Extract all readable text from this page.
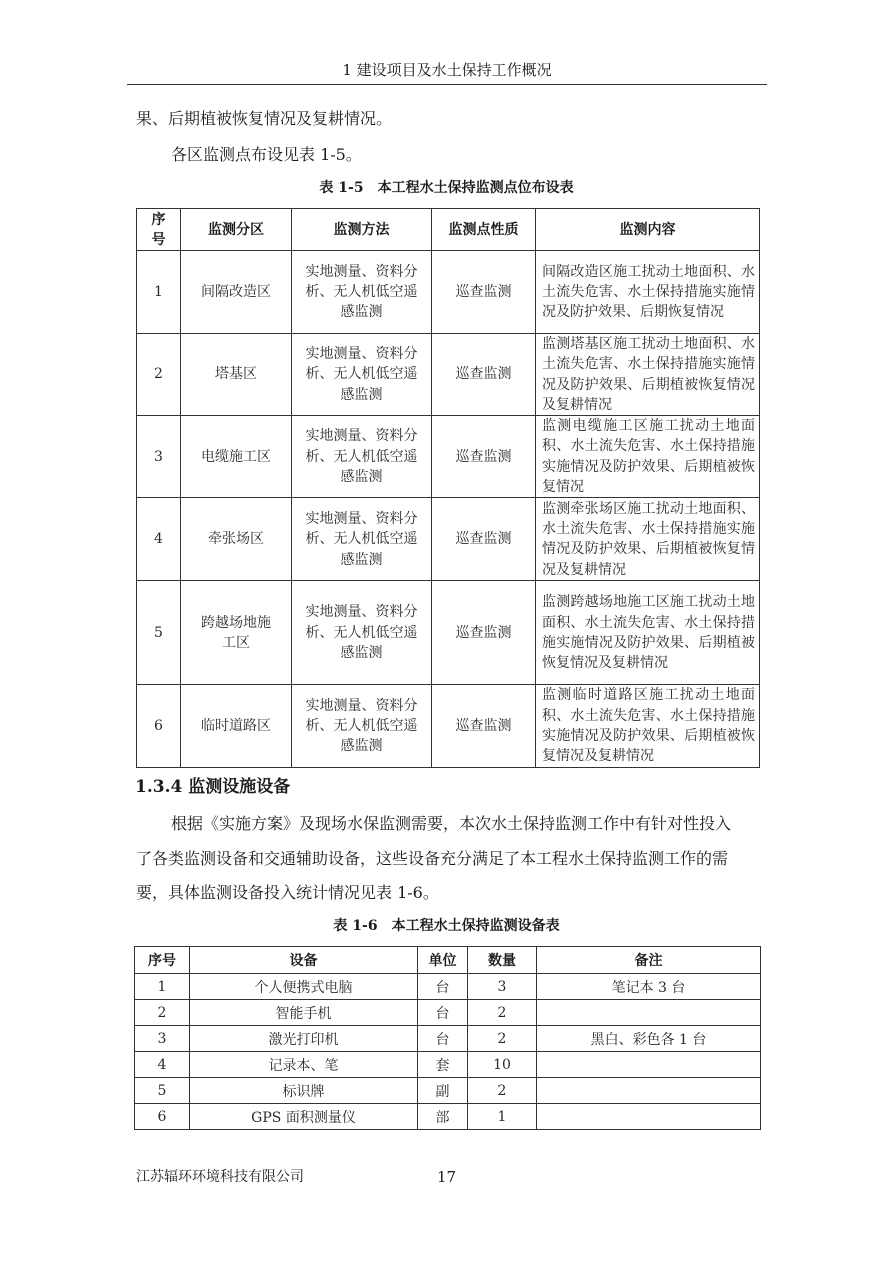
1 建设项目及水土保持工作概况
果、后期植被恢复情况及复耕情况。
各区监测点布设见表 1-5。
表 1-5　本工程水土保持监测点位布设表
序号	监测分区	监测方法	监测点性质	监测内容
1	间隔改造区	实地测量、资料分析、无人机低空遥感监测	巡查监测	间隔改造区施工扰动土地面积、水土流失危害、水土保持措施实施情况及防护效果、后期恢复情况
2	塔基区	实地测量、资料分析、无人机低空遥感监测	巡查监测	监测塔基区施工扰动土地面积、水土流失危害、水土保持措施实施情况及防护效果、后期植被恢复情况及复耕情况
3	电缆施工区	实地测量、资料分析、无人机低空遥感监测	巡查监测	监测电缆施工区施工扰动土地面积、水土流失危害、水土保持措施实施情况及防护效果、后期植被恢复情况
4	牵张场区	实地测量、资料分析、无人机低空遥感监测	巡查监测	监测牵张场区施工扰动土地面积、水土流失危害、水土保持措施实施情况及防护效果、后期植被恢复情况及复耕情况
5	跨越场地施工区	实地测量、资料分析、无人机低空遥感监测	巡查监测	监测跨越场地施工区施工扰动土地面积、水土流失危害、水土保持措施实施情况及防护效果、后期植被恢复情况及复耕情况
6	临时道路区	实地测量、资料分析、无人机低空遥感监测	巡查监测	监测临时道路区施工扰动土地面积、水土流失危害、水土保持措施实施情况及防护效果、后期植被恢复情况及复耕情况
1.3.4 监测设施设备
根据《实施方案》及现场水保监测需要，本次水土保持监测工作中有针对性投入
了各类监测设备和交通辅助设备，这些设备充分满足了本工程水土保持监测工作的需
要，具体监测设备投入统计情况见表 1-6。
表 1-6　本工程水土保持监测设备表
序号	设备	单位	数量	备注
1	个人便携式电脑	台	3	笔记本 3 台
2	智能手机	台	2	
3	激光打印机	台	2	黑白、彩色各 1 台
4	记录本、笔	套	10	
5	标识牌	副	2	
6	GPS 面积测量仪	部	1	
江苏辐环环境科技有限公司	17
